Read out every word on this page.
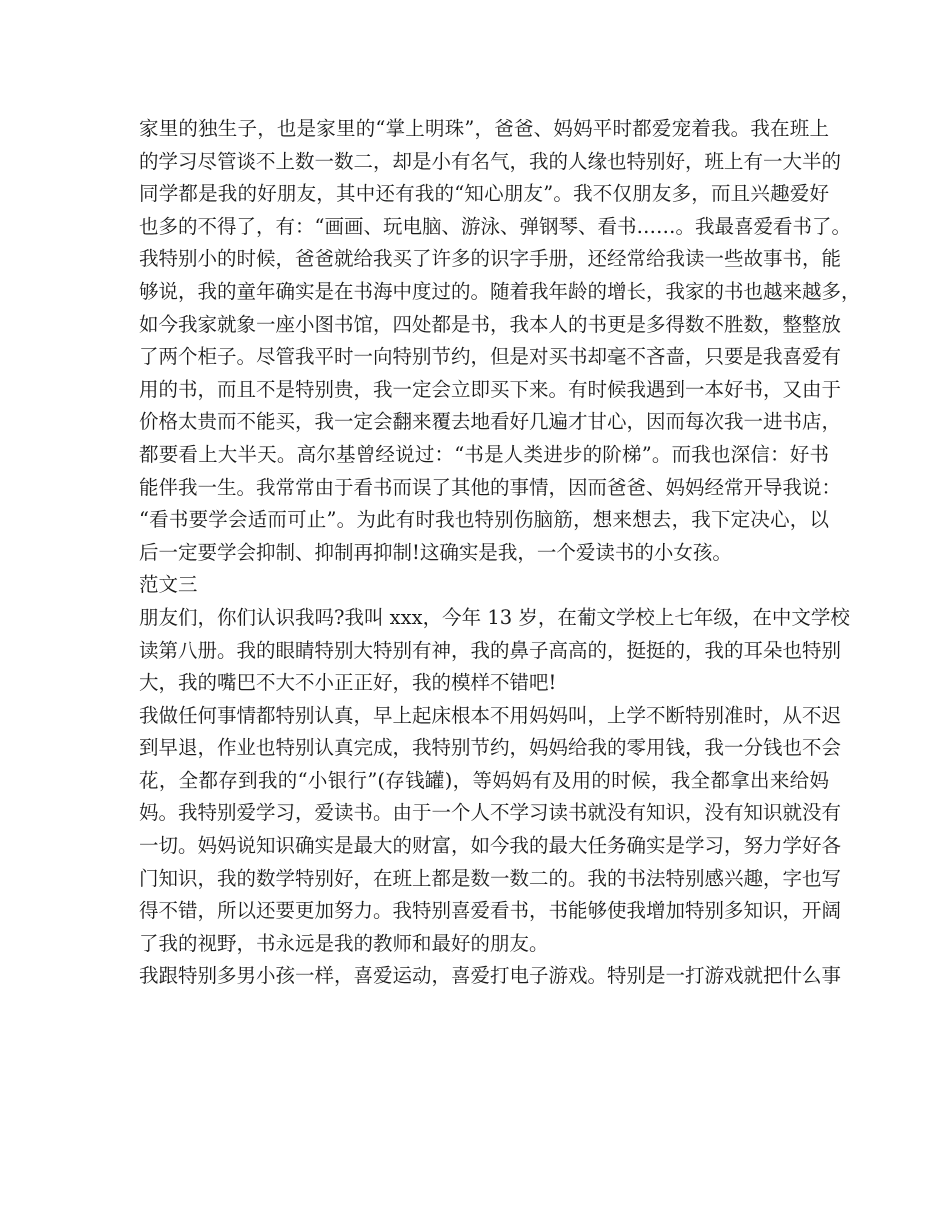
家里的独生子，也是家里的“掌上明珠”，爸爸、妈妈平时都爱宠着我。我在班上
的学习尽管谈不上数一数二，却是小有名气，我的人缘也特别好，班上有一大半的
同学都是我的好朋友，其中还有我的“知心朋友”。我不仅朋友多，而且兴趣爱好
也多的不得了，有：“画画、玩电脑、游泳、弹钢琴、看书……。我最喜爱看书了。
我特别小的时候，爸爸就给我买了许多的识字手册，还经常给我读一些故事书，能
够说，我的童年确实是在书海中度过的。随着我年龄的增长，我家的书也越来越多，
如今我家就象一座小图书馆，四处都是书，我本人的书更是多得数不胜数，整整放
了两个柜子。尽管我平时一向特别节约，但是对买书却毫不吝啬，只要是我喜爱有
用的书，而且不是特别贵，我一定会立即买下来。有时候我遇到一本好书，又由于
价格太贵而不能买，我一定会翻来覆去地看好几遍才甘心，因而每次我一进书店，
都要看上大半天。高尔基曾经说过：“书是人类进步的阶梯”。而我也深信：好书
能伴我一生。我常常由于看书而误了其他的事情，因而爸爸、妈妈经常开导我说：
“看书要学会适而可止”。为此有时我也特别伤脑筋，想来想去，我下定决心，以
后一定要学会抑制、抑制再抑制!这确实是我，一个爱读书的小女孩。
范文三
朋友们，你们认识我吗?我叫 xxx，今年 13 岁，在葡文学校上七年级，在中文学校
读第八册。我的眼睛特别大特别有神，我的鼻子高高的，挺挺的，我的耳朵也特别
大，我的嘴巴不大不小正正好，我的模样不错吧!
我做任何事情都特别认真，早上起床根本不用妈妈叫，上学不断特别准时，从不迟
到早退，作业也特别认真完成，我特别节约，妈妈给我的零用钱，我一分钱也不会
花，全都存到我的“小银行”(存钱罐)，等妈妈有及用的时候，我全都拿出来给妈
妈。我特别爱学习，爱读书。由于一个人不学习读书就没有知识，没有知识就没有
一切。妈妈说知识确实是最大的财富，如今我的最大任务确实是学习，努力学好各
门知识，我的数学特别好，在班上都是数一数二的。我的书法特别感兴趣，字也写
得不错，所以还要更加努力。我特别喜爱看书，书能够使我增加特别多知识，开阔
了我的视野，书永远是我的教师和最好的朋友。
我跟特别多男小孩一样，喜爱运动，喜爱打电子游戏。特别是一打游戏就把什么事
